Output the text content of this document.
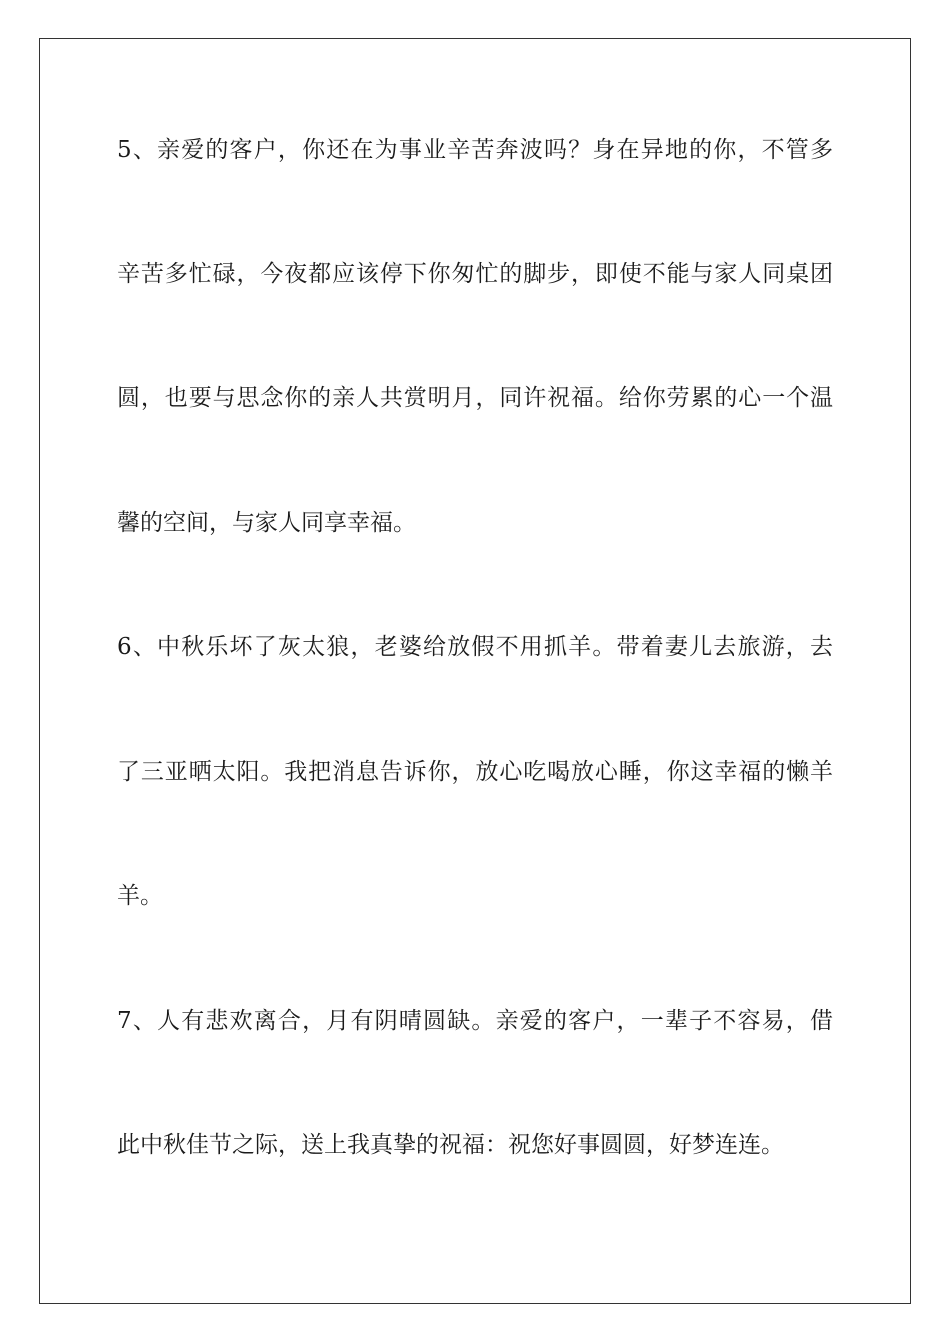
5、亲爱的客户，你还在为事业辛苦奔波吗？身在异地的你，不管多
辛苦多忙碌，今夜都应该停下你匆忙的脚步，即使不能与家人同桌团
圆，也要与思念你的亲人共赏明月，同许祝福。给你劳累的心一个温
馨的空间，与家人同享幸福。
6、中秋乐坏了灰太狼，老婆给放假不用抓羊。带着妻儿去旅游，去
了三亚晒太阳。我把消息告诉你，放心吃喝放心睡，你这幸福的懒羊
羊。
7、人有悲欢离合，月有阴晴圆缺。亲爱的客户，一辈子不容易，借
此中秋佳节之际，送上我真挚的祝福：祝您好事圆圆，好梦连连。
